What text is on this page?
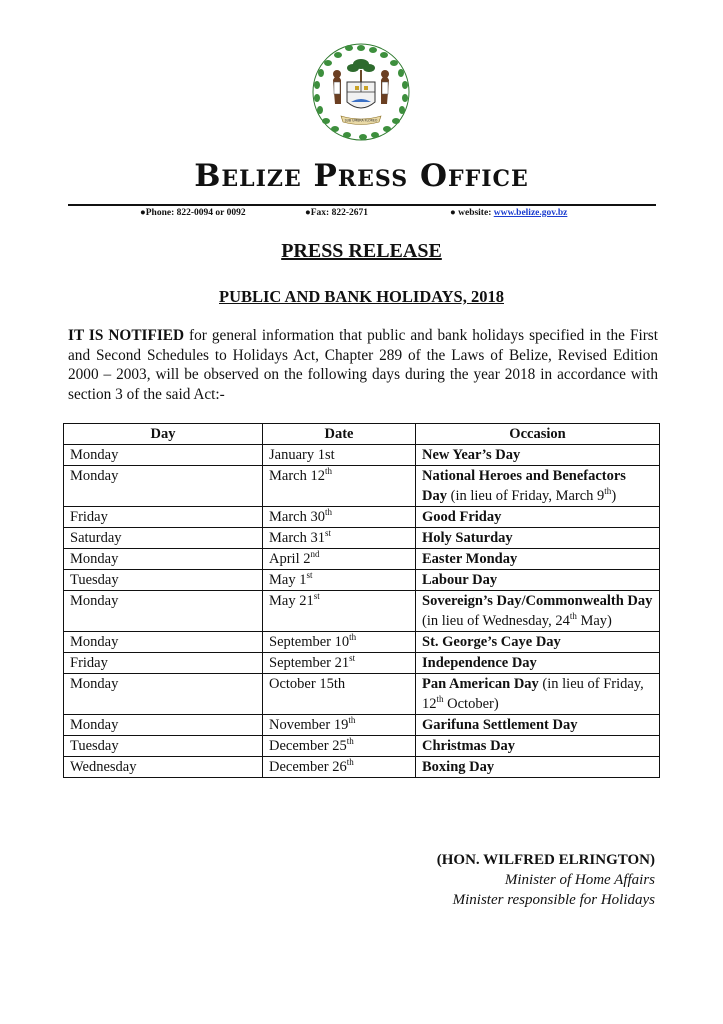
SUB UMBRA FLOREO
Belize Press Office
●Phone: 822-0094 or 0092	●Fax: 822-2671	● website: www.belize.gov.bz
PRESS RELEASE
PUBLIC AND BANK HOLIDAYS, 2018
IT IS NOTIFIED for general information that public and bank holidays specified in the First and Second Schedules to Holidays Act, Chapter 289 of the Laws of Belize, Revised Edition 2000 – 2003, will be observed on the following days during the year 2018 in accordance with section 3 of the said Act:-
Day	Date	Occasion
Monday	January 1st	New Year’s Day
Monday	March 12th	National Heroes and Benefactors Day (in lieu of Friday, March 9th)
Friday	March 30th	Good Friday
Saturday	March 31st	Holy Saturday
Monday	April 2nd	Easter Monday
Tuesday	May 1st	Labour Day
Monday	May 21st	Sovereign’s Day/Commonwealth Day (in lieu of Wednesday, 24th May)
Monday	September 10th	St. George’s Caye Day
Friday	September 21st	Independence Day
Monday	October 15th	Pan American Day (in lieu of Friday, 12th October)
Monday	November 19th	Garifuna Settlement Day
Tuesday	December 25th	Christmas Day
Wednesday	December 26th	Boxing Day
(HON. WILFRED ELRINGTON)
Minister of Home Affairs
Minister responsible for Holidays
